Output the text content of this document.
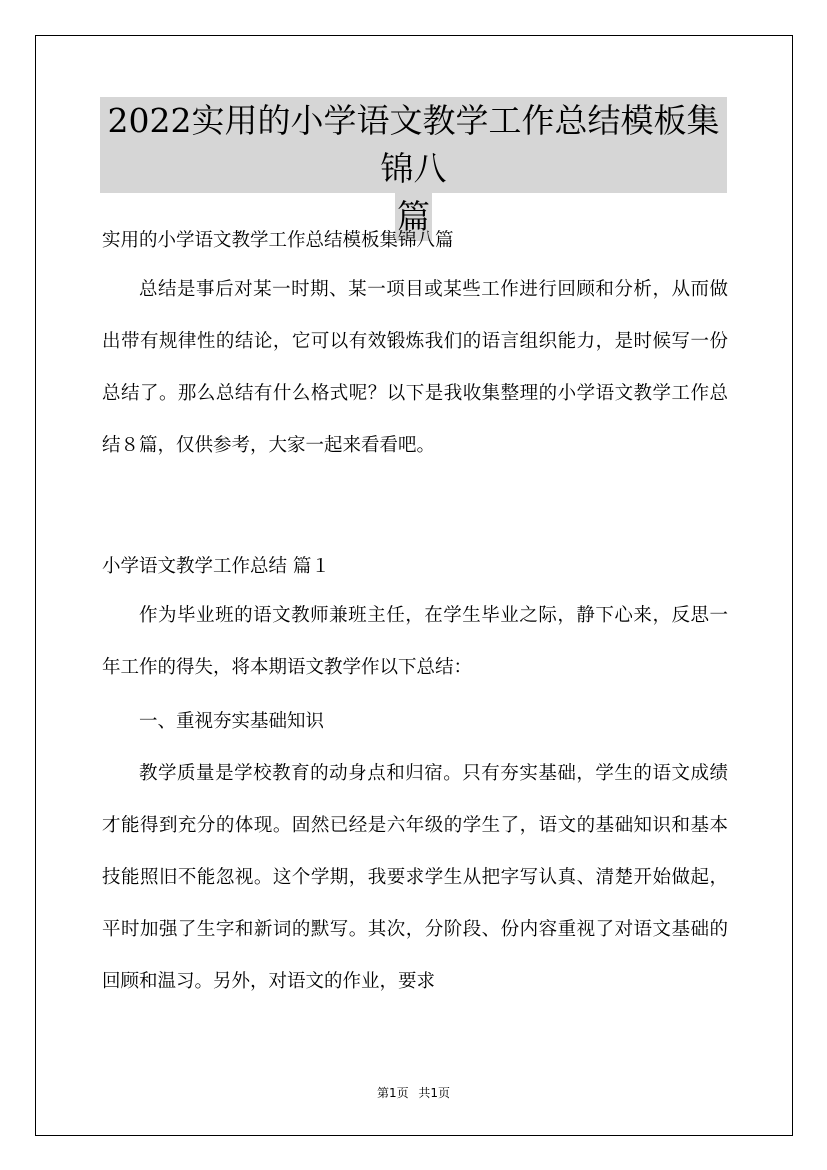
2022实用的小学语文教学工作总结模板集锦八
篇
实用的小学语文教学工作总结模板集锦八篇
总结是事后对某一时期、某一项目或某些工作进行回顾和分析，从而做出带有规律性的结论，它可以有效锻炼我们的语言组织能力，是时候写一份总结了。那么总结有什么格式呢？以下是我收集整理的小学语文教学工作总结８篇，仅供参考，大家一起来看看吧。
小学语文教学工作总结 篇１
作为毕业班的语文教师兼班主任，在学生毕业之际，静下心来，反思一年工作的得失，将本期语文教学作以下总结：
一、重视夯实基础知识
教学质量是学校教育的动身点和归宿。只有夯实基础，学生的语文成绩才能得到充分的体现。固然已经是六年级的学生了，语文的基础知识和基本技能照旧不能忽视。这个学期，我要求学生从把字写认真、清楚开始做起，平时加强了生字和新词的默写。其次，分阶段、份内容重视了对语文基础的回顾和温习。另外，对语文的作业，要求
第1页 共1页
